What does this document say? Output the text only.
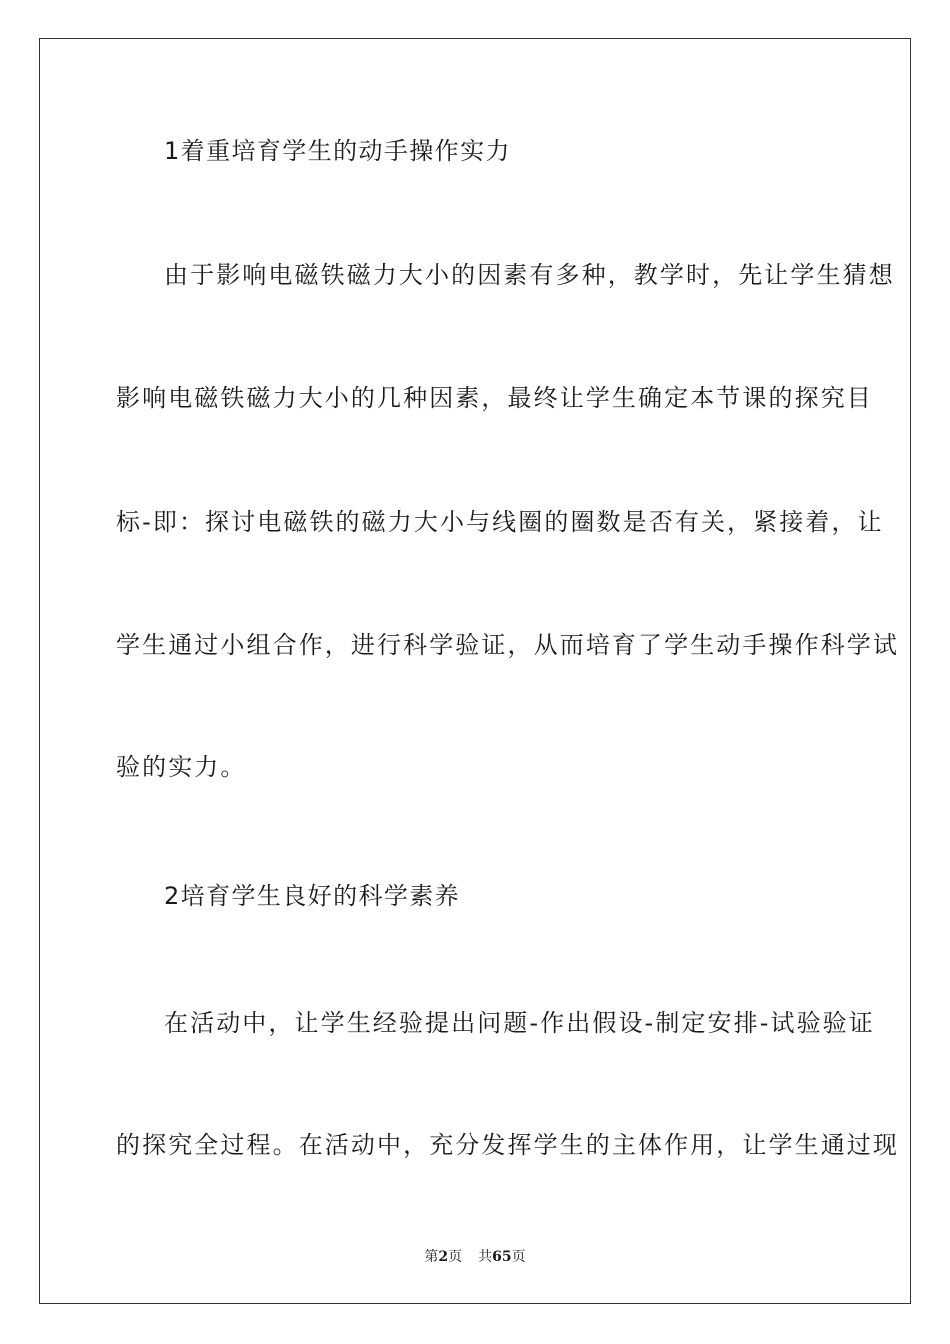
1着重培育学生的动手操作实力

由于影响电磁铁磁力大小的因素有多种，教学时，先让学生猜想

影响电磁铁磁力大小的几种因素，最终让学生确定本节课的探究目

标-即：探讨电磁铁的磁力大小与线圈的圈数是否有关，紧接着，让

学生通过小组合作，进行科学验证，从而培育了学生动手操作科学试

验的实力。

2培育学生良好的科学素养

在活动中，让学生经验提出问题-作出假设-制定安排-试验验证

的探究全过程。在活动中，充分发挥学生的主体作用，让学生通过现

第2页 共65页
